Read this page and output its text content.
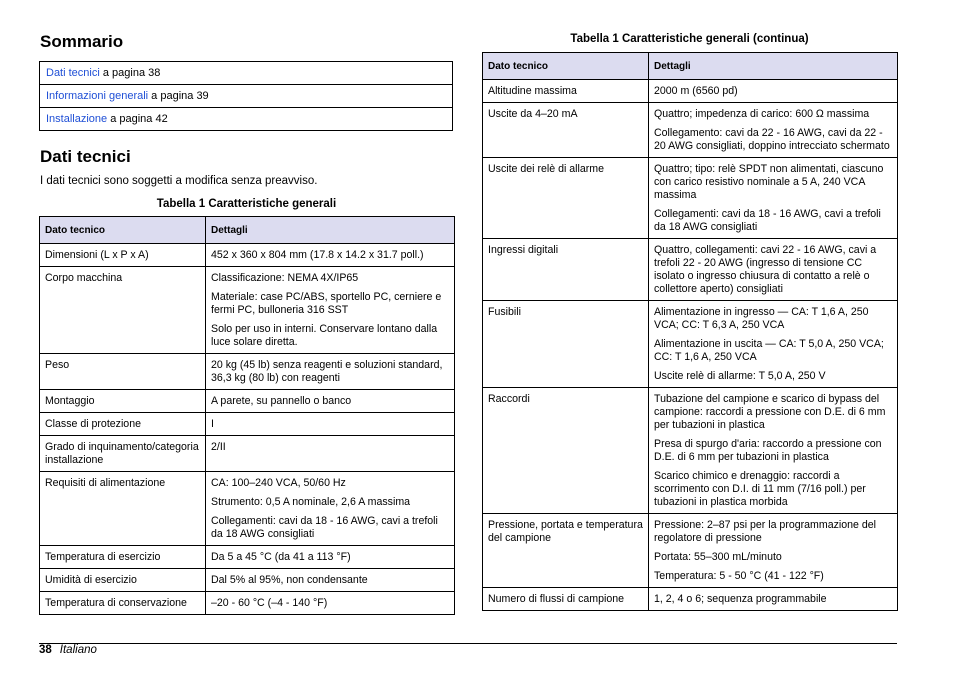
Sommario
Dati tecnici a pagina 38
Informazioni generali a pagina 39
Installazione a pagina 42
Dati tecnici
I dati tecnici sono soggetti a modifica senza preavviso.
Tabella 1 Caratteristiche generali
Dato tecnico	Dettagli
Dimensioni (L x P x A)	452 x 360 x 804 mm (17.8 x 14.2 x 31.7 poll.)

Corpo macchina	Classificazione: NEMA 4X/IP65

Materiale: case PC/ABS, sportello PC, cerniere e fermi PC, bulloneria 316 SST

Solo per uso in interni. Conservare lontano dalla luce solare diretta.

Peso	20 kg (45 lb) senza reagenti e soluzioni standard, 36,3 kg (80 lb) con reagenti

Montaggio	A parete, su pannello o banco

Classe di protezione	I

Grado di inquinamento/categoria installazione	2/II

Requisiti di alimentazione	CA: 100–240 VCA, 50/60 Hz

Strumento: 0,5 A nominale, 2,6 A massima

Collegamenti: cavi da 18 - 16 AWG, cavi a trefoli da 18 AWG consigliati

Temperatura di esercizio	Da 5 a 45 °C (da 41 a 113 °F)

Umidità di esercizio	Dal 5% al 95%, non condensante

Temperatura di conservazione	–20 - 60 °C (–4 - 140 °F)

Tabella 1 Caratteristiche generali (continua)
Dato tecnico	Dettagli
Altitudine massima	2000 m (6560 pd)

Uscite da 4–20 mA	Quattro; impedenza di carico: 600 Ω massima

Collegamento: cavi da 22 - 16 AWG, cavi da 22 - 20 AWG consigliati, doppino intrecciato schermato

Uscite dei relè di allarme	Quattro; tipo: relè SPDT non alimentati, ciascuno con carico resistivo nominale a 5 A, 240 VCA massima

Collegamenti: cavi da 18 - 16 AWG, cavi a trefoli da 18 AWG consigliati

Ingressi digitali	Quattro, collegamenti: cavi 22 - 16 AWG, cavi a trefoli 22 - 20 AWG (ingresso di tensione CC isolato o ingresso chiusura di contatto a relè o collettore aperto) consigliati

Fusibili	Alimentazione in ingresso — CA: T 1,6 A, 250 VCA; CC: T 6,3 A, 250 VCA

Alimentazione in uscita — CA: T 5,0 A, 250 VCA; CC: T 1,6 A, 250 VCA

Uscite relè di allarme: T 5,0 A, 250 V

Raccordi	Tubazione del campione e scarico di bypass del campione: raccordi a pressione con D.E. di 6 mm per tubazioni in plastica

Presa di spurgo d'aria: raccordo a pressione con D.E. di 6 mm per tubazioni in plastica

Scarico chimico e drenaggio: raccordi a scorrimento con D.I. di 11 mm (7/16 poll.) per tubazioni in plastica morbida

Pressione, portata e temperatura del campione	Pressione: 2–87 psi per la programmazione del regolatore di pressione

Portata: 55–300 mL/minuto

Temperatura: 5 - 50 °C (41 - 122 °F)

Numero di flussi di campione	1, 2, 4 o 6; sequenza programmabile

38 Italiano
